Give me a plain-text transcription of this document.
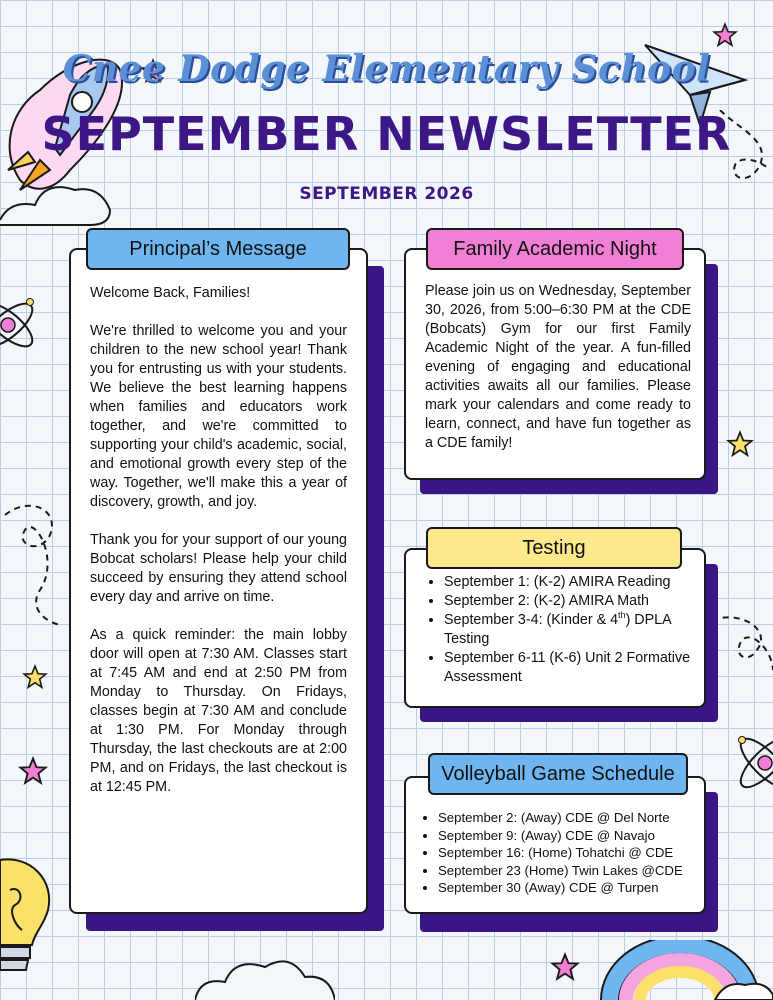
Cnee Dodge Elementary School
SEPTEMBER NEWSLETTER
SEPTEMBER 2026
Principal’s Message

Welcome Back, Families!

We're thrilled to welcome you and your children to the new school year! Thank you for entrusting us with your students. We believe the best learning happens when families and educators work together, and we're committed to supporting your child's academic, social, and emotional growth every step of the way. Together, we'll make this a year of discovery, growth, and joy.

Thank you for your support of our young Bobcat scholars! Please help your child succeed by ensuring they attend school every day and arrive on time.

As a quick reminder: the main lobby door will open at 7:30 AM. Classes start at 7:45 AM and end at 2:50 PM from Monday to Thursday. On Fridays, classes begin at 7:30 AM and conclude at 1:30 PM. For Monday through Thursday, the last checkouts are at 2:00 PM, and on Fridays, the last checkout is at 12:45 PM.

Family Academic Night
Please join us on Wednesday, September 30, 2026, from 5:00–6:30 PM at the CDE (Bobcats) Gym for our first Family Academic Night of the year. A fun-filled evening of engaging and educational activities awaits all our families. Please mark your calendars and come ready to learn, connect, and have fun together as a CDE family!
Testing
• September 1: (K-2) AMIRA Reading
• September 2: (K-2) AMIRA Math
• September 3-4: (Kinder & 4th) DPLA Testing
• September 6-11 (K-6) Unit 2 Formative Assessment
Volleyball Game Schedule
• September 2: (Away) CDE @ Del Norte
• September 9: (Away) CDE @ Navajo
• September 16: (Home) Tohatchi @ CDE
• September 23 (Home) Twin Lakes @CDE
• September 30 (Away) CDE @ Turpen
